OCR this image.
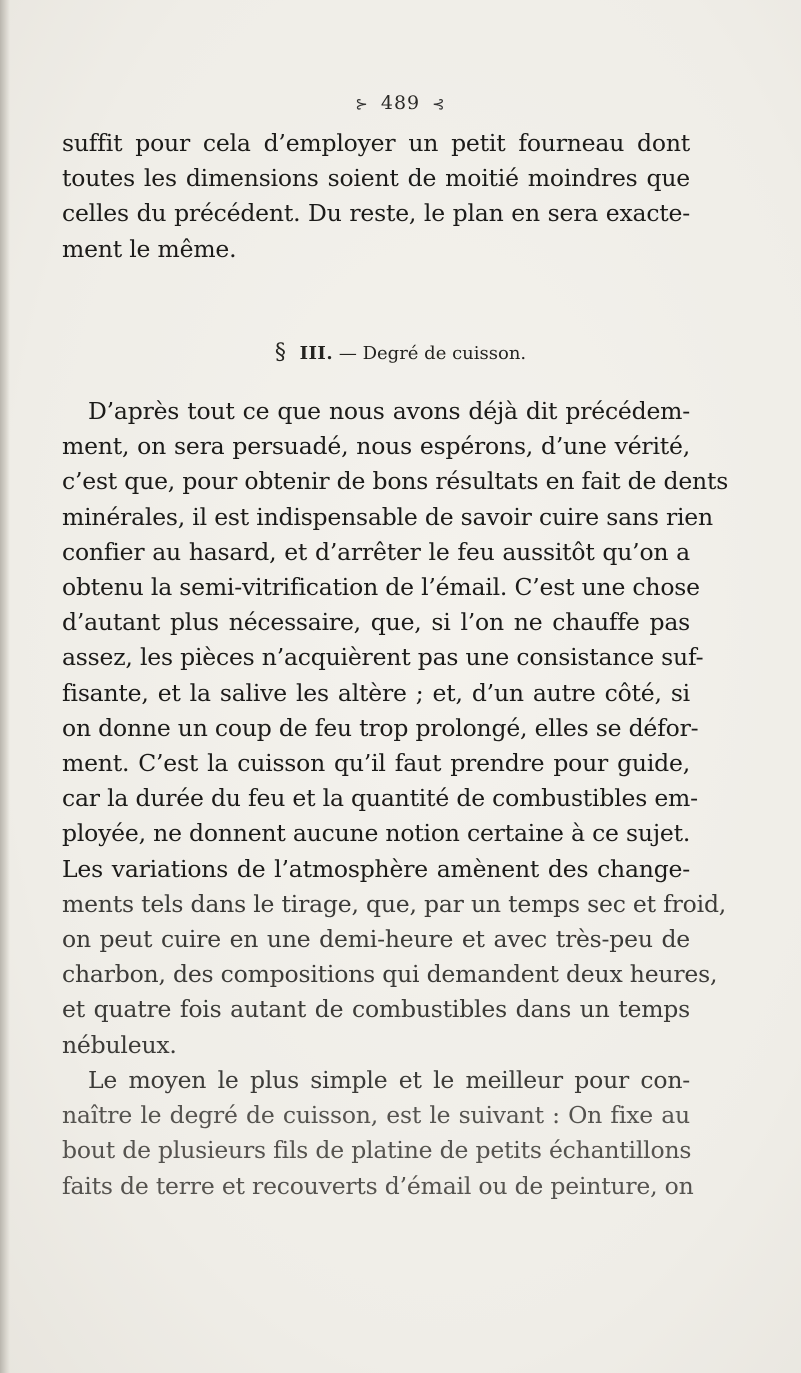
⊱ 489 ⊰
suffit pour cela d’employer un petit fourneau dont
toutes les dimensions soient de moitié moindres que
celles du précédent. Du reste, le plan en sera exacte-
ment le même.
§ III. — Degré de cuisson.
D’après tout ce que nous avons déjà dit précédem-
ment, on sera persuadé, nous espérons, d’une vérité,
c’est que, pour obtenir de bons résultats en fait de dents
minérales, il est indispensable de savoir cuire sans rien
confier au hasard, et d’arrêter le feu aussitôt qu’on a
obtenu la semi-vitrification de l’émail. C’est une chose
d’autant plus nécessaire, que, si l’on ne chauffe pas
assez, les pièces n’acquièrent pas une consistance suf-
fisante, et la salive les altère ; et, d’un autre côté, si
on donne un coup de feu trop prolongé, elles se défor-
ment. C’est la cuisson qu’il faut prendre pour guide,
car la durée du feu et la quantité de combustibles em-
ployée, ne donnent aucune notion certaine à ce sujet.
Les variations de l’atmosphère amènent des change-
ments tels dans le tirage, que, par un temps sec et froid,
on peut cuire en une demi-heure et avec très-peu de
charbon, des compositions qui demandent deux heures,
et quatre fois autant de combustibles dans un temps
nébuleux.
Le moyen le plus simple et le meilleur pour con-
naître le degré de cuisson, est le suivant : On fixe au
bout de plusieurs fils de platine de petits échantillons
faits de terre et recouverts d’émail ou de peinture, on
